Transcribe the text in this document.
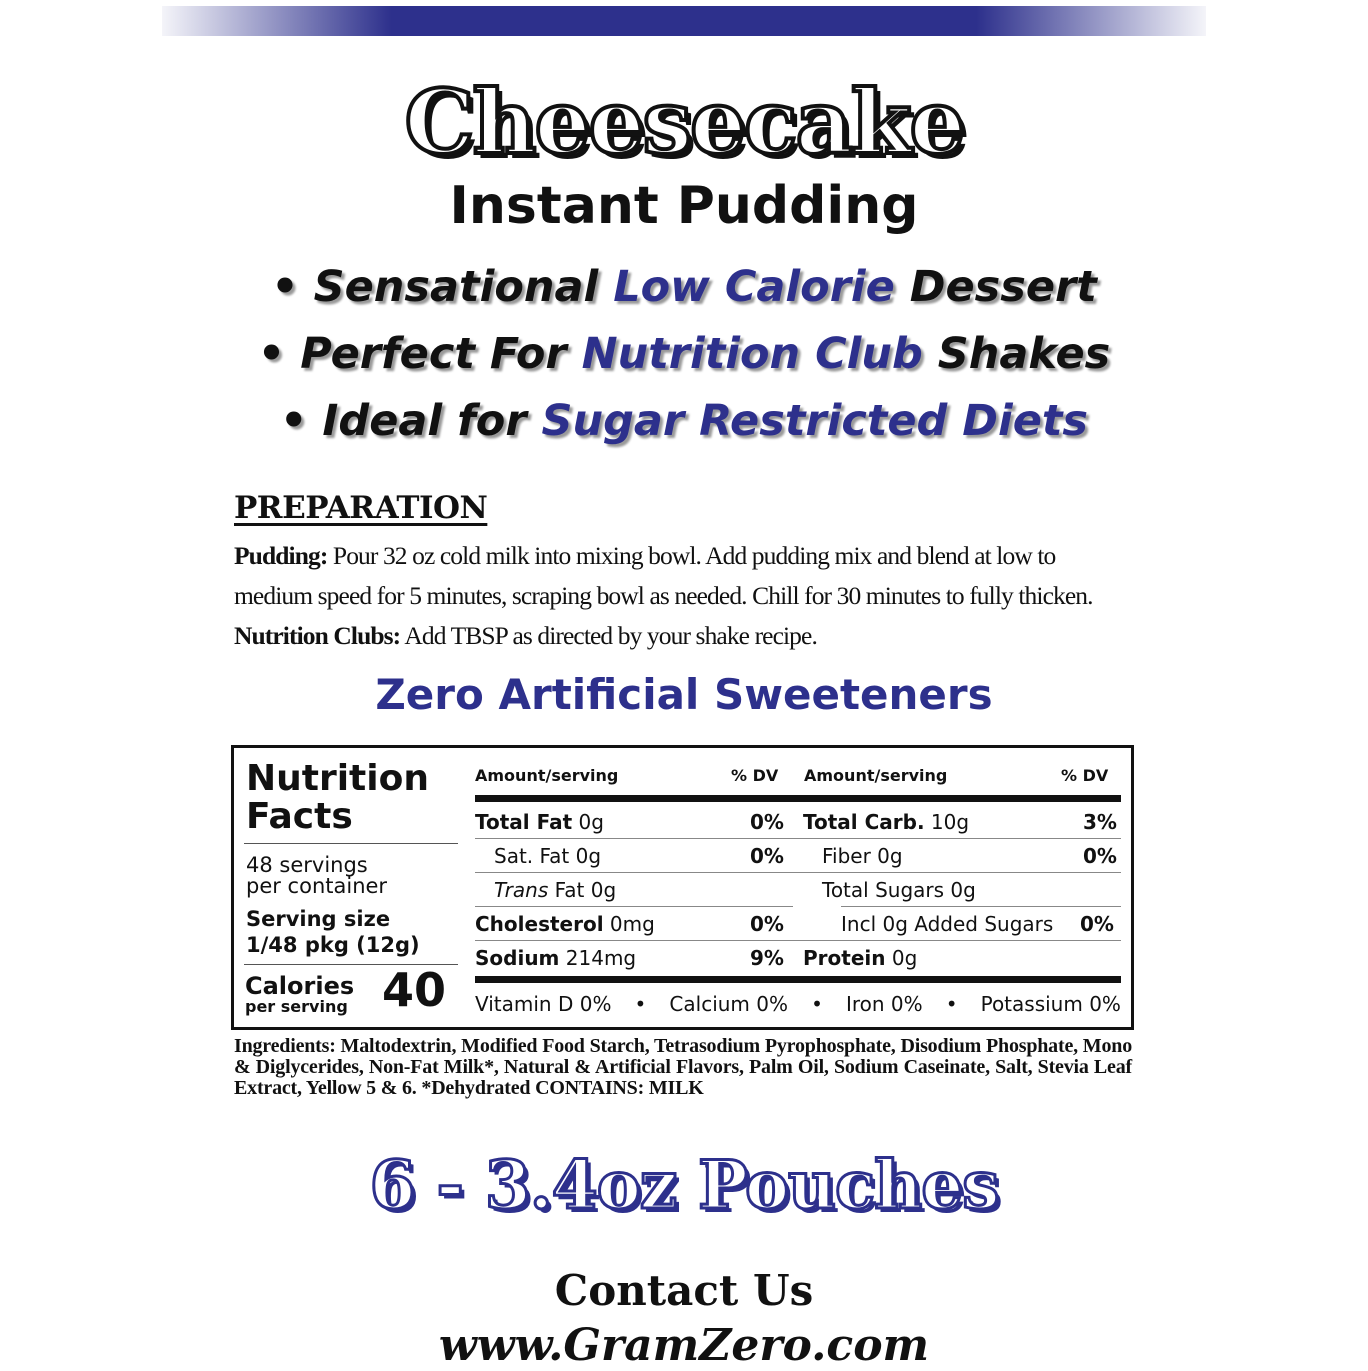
Cheesecake
Instant Pudding
• Sensational Low Calorie Dessert
• Perfect For Nutrition Club Shakes
• Ideal for Sugar Restricted Diets
PREPARATION
Pudding: Pour 32 oz cold milk into mixing bowl. Add pudding mix and blend at low to medium speed for 5 minutes, scraping bowl as needed. Chill for 30 minutes to fully thicken. Nutrition Clubs: Add TBSP as directed by your shake recipe.
Zero Artificial Sweeteners
Nutrition
Facts
48 servings
per container
Serving size
1/48 pkg (12g)
Calories
per serving 40
Amount/serving	% DV Amount/serving	% DV
Total Fat 0g	0% Total Carb. 10g	3%
Sat. Fat 0g	0% Fiber 0g	0%
Trans Fat 0g	Total Sugars 0g
Cholesterol 0mg	0%	Incl 0g Added Sugars 0%
Sodium 214mg	9% Protein 0g
Vitamin D 0% • Calcium 0% • Iron 0% • Potassium 0%
Ingredients: Maltodextrin, Modified Food Starch, Tetrasodium Pyrophosphate, Disodium Phosphate, Mono & Diglycerides, Non-Fat Milk*, Natural & Artificial Flavors, Palm Oil, Sodium Caseinate, Salt, Stevia Leaf Extract, Yellow 5 & 6. *Dehydrated CONTAINS: MILK
6 - 3.4oz Pouches
Contact Us
www.GramZero.com
